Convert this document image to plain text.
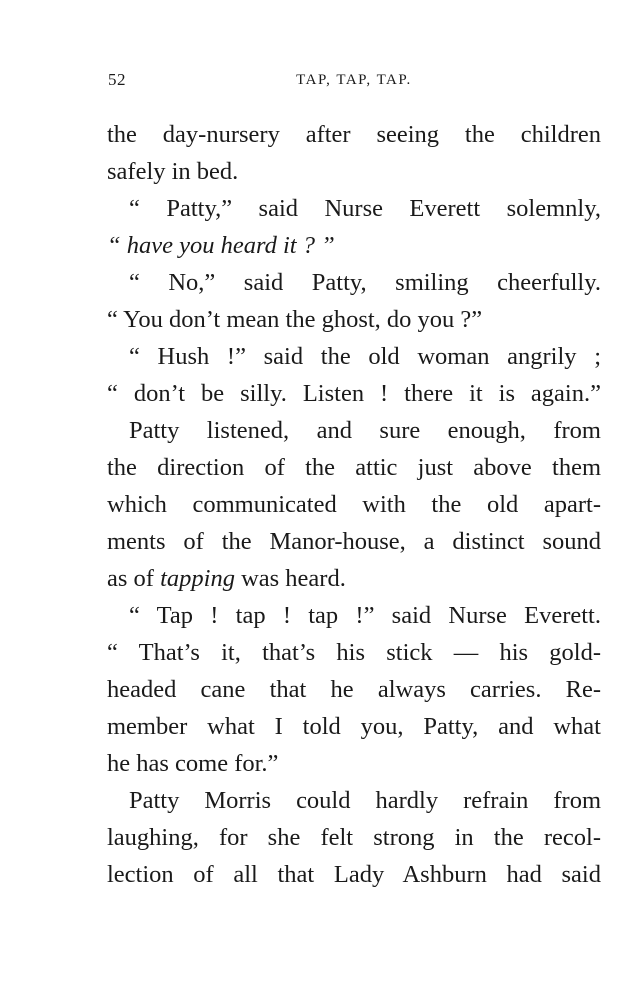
52	TAP, TAP, TAP.
the day-nursery after seeing the children
safely in bed.
“ Patty,” said Nurse Everett solemnly,
“ have you heard it ? ”
“ No,” said Patty, smiling cheerfully.
“ You don’t mean the ghost, do you ?”
“ Hush !” said the old woman angrily ;
“ don’t be silly. Listen ! there it is again.”
Patty listened, and sure enough, from
the direction of the attic just above them
which communicated with the old apart-
ments of the Manor-house, a distinct sound
as of tapping was heard.
“ Tap ! tap ! tap !” said Nurse Everett.
“ That’s it, that’s his stick — his gold-
headed cane that he always carries. Re-
member what I told you, Patty, and what
he has come for.”
Patty Morris could hardly refrain from
laughing, for she felt strong in the recol-
lection of all that Lady Ashburn had said
